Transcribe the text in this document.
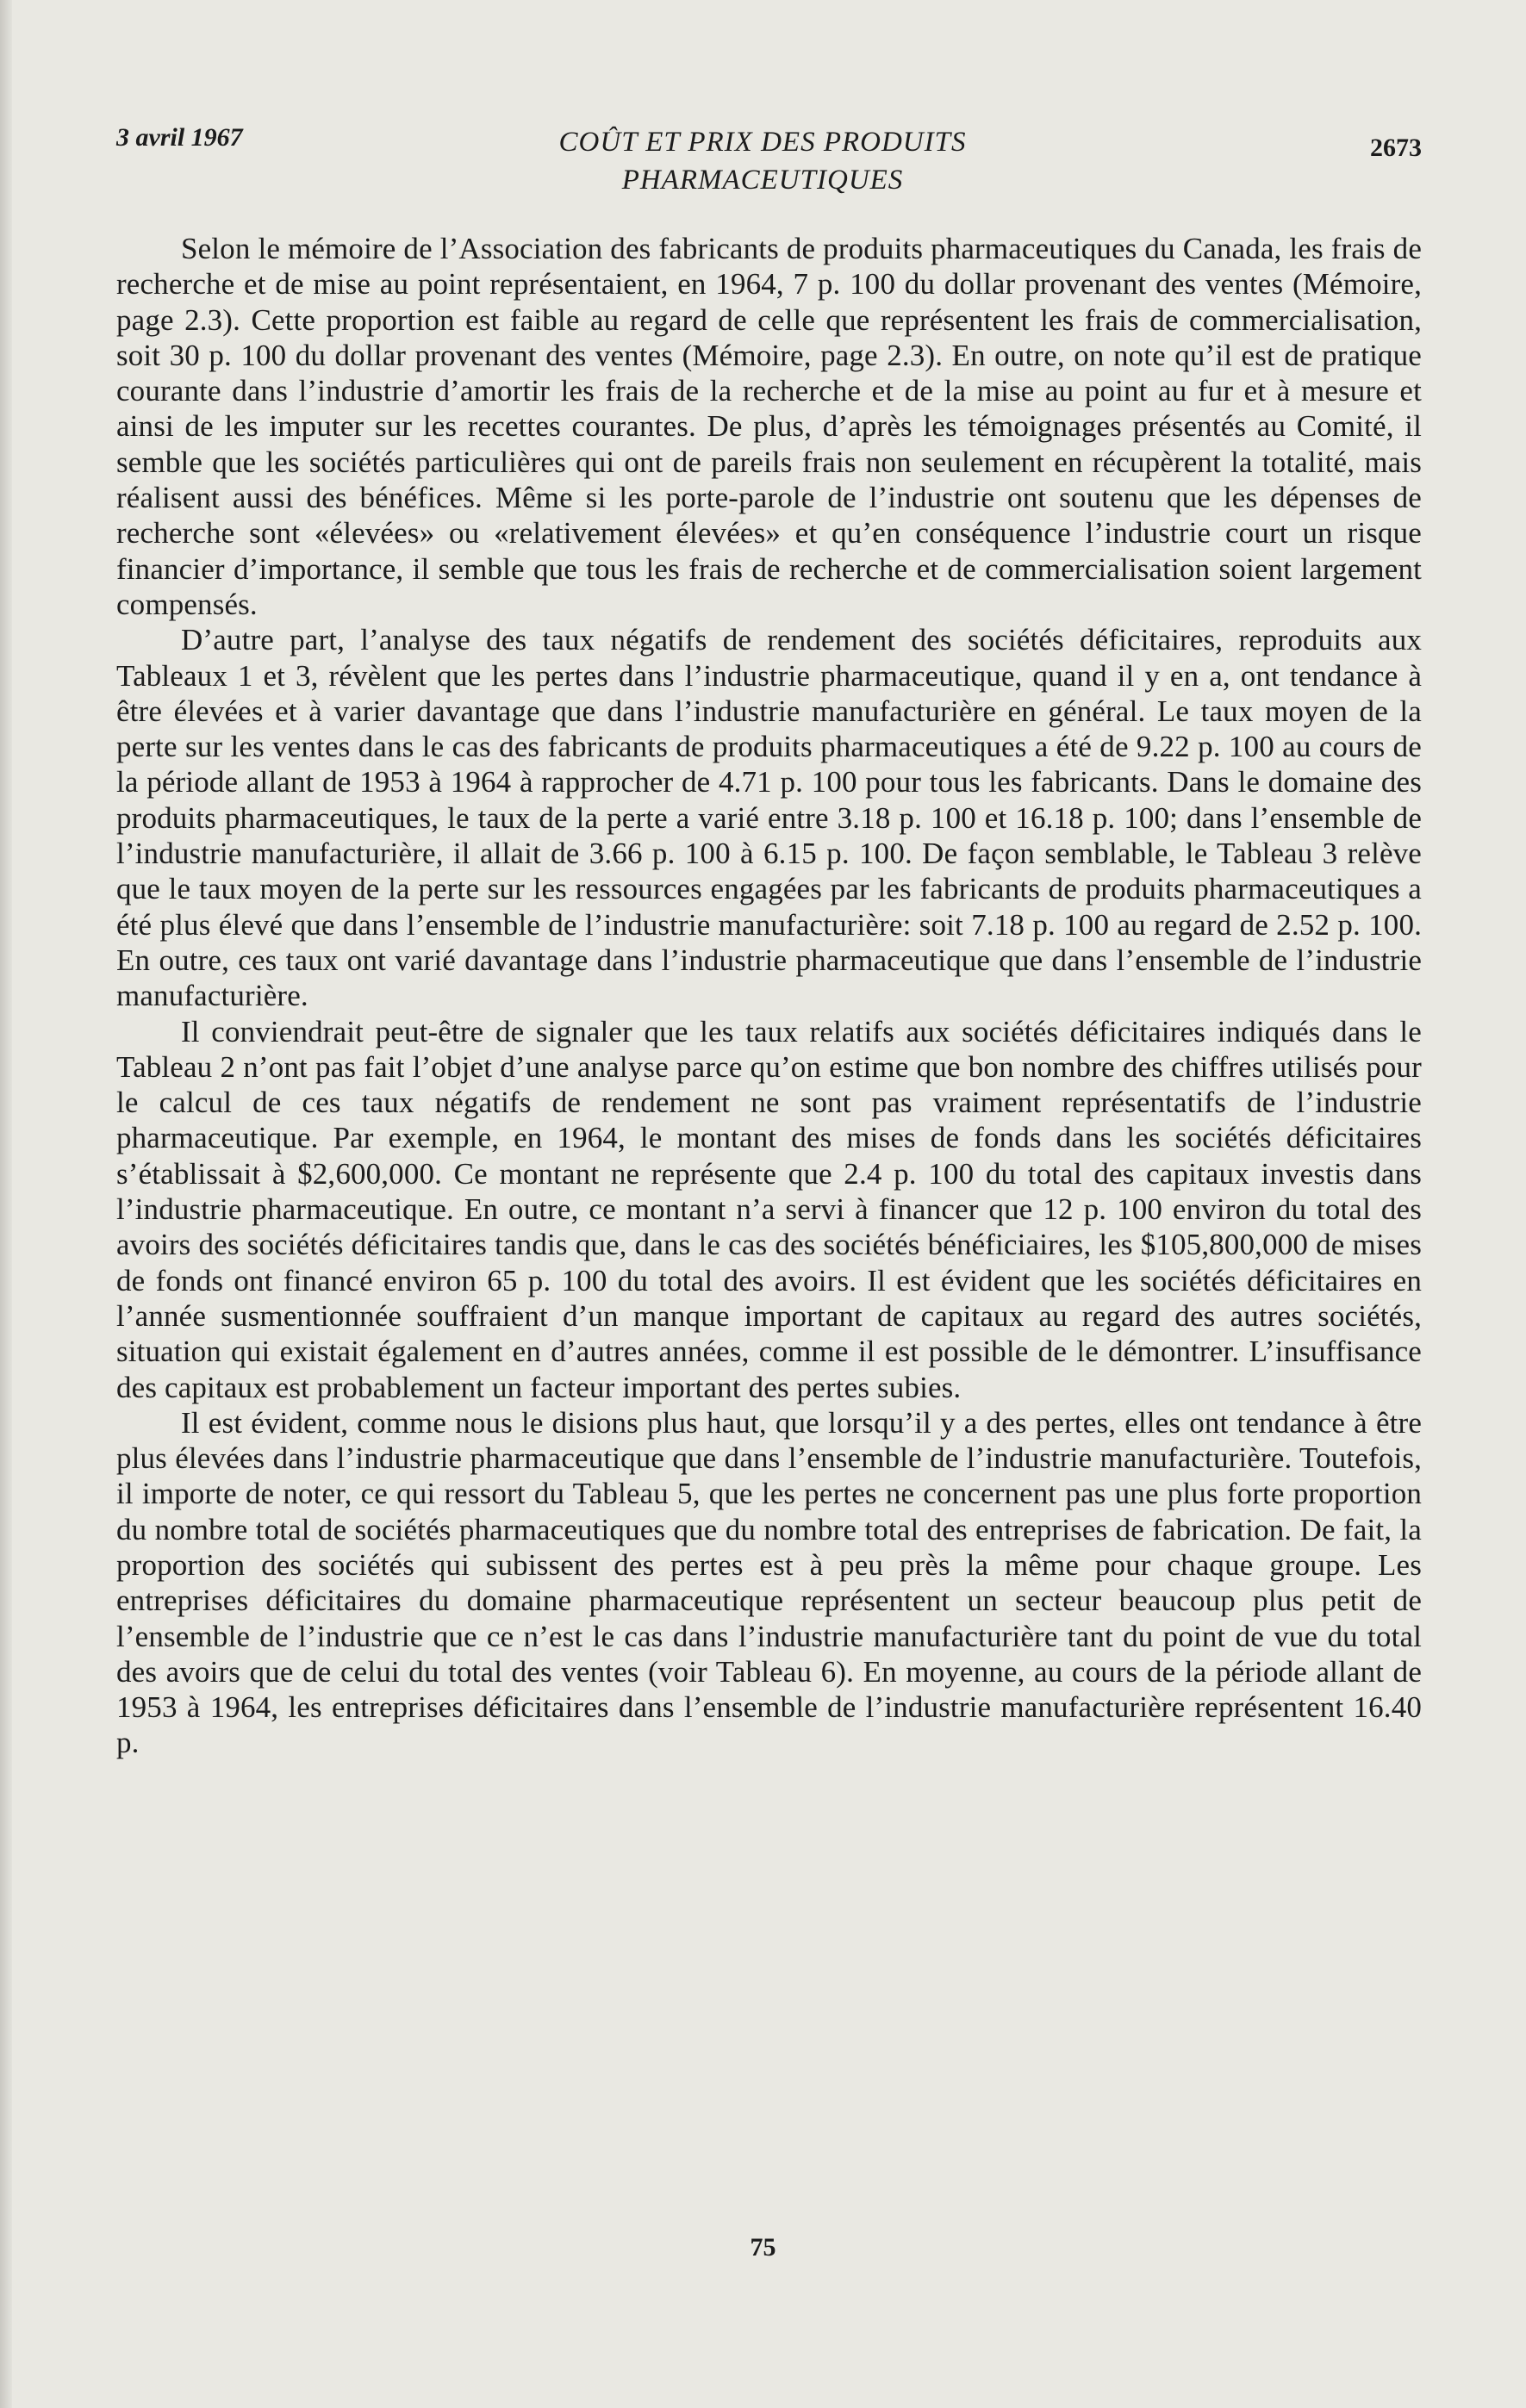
3 avril 1967	COÛT ET PRIX DES PRODUITS
PHARMACEUTIQUES
2673

Selon le mémoire de l’Association des fabricants de produits pharmaceutiques du Canada, les frais de recherche et de mise au point représentaient, en 1964, 7 p. 100 du dollar provenant des ventes (Mémoire, page 2.3). Cette proportion est faible au regard de celle que représentent les frais de commercialisation, soit 30 p. 100 du dollar provenant des ventes (Mémoire, page 2.3). En outre, on note qu’il est de pratique courante dans l’industrie d’amortir les frais de la recherche et de la mise au point au fur et à mesure et ainsi de les imputer sur les recettes courantes. De plus, d’après les témoignages présentés au Comité, il semble que les sociétés particulières qui ont de pareils frais non seulement en récupèrent la totalité, mais réalisent aussi des bénéfices. Même si les porte-parole de l’industrie ont soutenu que les dépenses de recherche sont «élevées» ou «relativement élevées» et qu’en conséquence l’industrie court un risque financier d’importance, il semble que tous les frais de recherche et de commercialisation soient largement compensés.

D’autre part, l’analyse des taux négatifs de rendement des sociétés déficitaires, reproduits aux Tableaux 1 et 3, révèlent que les pertes dans l’industrie pharmaceutique, quand il y en a, ont tendance à être élevées et à varier davantage que dans l’industrie manufacturière en général. Le taux moyen de la perte sur les ventes dans le cas des fabricants de produits pharmaceutiques a été de 9.22 p. 100 au cours de la période allant de 1953 à 1964 à rapprocher de 4.71 p. 100 pour tous les fabricants. Dans le domaine des produits pharmaceutiques, le taux de la perte a varié entre 3.18 p. 100 et 16.18 p. 100; dans l’ensemble de l’industrie manufacturière, il allait de 3.66 p. 100 à 6.15 p. 100. De façon semblable, le Tableau 3 relève que le taux moyen de la perte sur les ressources engagées par les fabricants de produits pharmaceutiques a été plus élevé que dans l’ensemble de l’industrie manufacturière: soit 7.18 p. 100 au regard de 2.52 p. 100. En outre, ces taux ont varié davantage dans l’industrie pharmaceutique que dans l’ensemble de l’industrie manufacturière.

Il conviendrait peut-être de signaler que les taux relatifs aux sociétés déficitaires indiqués dans le Tableau 2 n’ont pas fait l’objet d’une analyse parce qu’on estime que bon nombre des chiffres utilisés pour le calcul de ces taux négatifs de rendement ne sont pas vraiment représentatifs de l’industrie pharmaceutique. Par exemple, en 1964, le montant des mises de fonds dans les sociétés déficitaires s’établissait à $2,600,000. Ce montant ne représente que 2.4 p. 100 du total des capitaux investis dans l’industrie pharmaceutique. En outre, ce montant n’a servi à financer que 12 p. 100 environ du total des avoirs des sociétés déficitaires tandis que, dans le cas des sociétés bénéficiaires, les $105,800,000 de mises de fonds ont financé environ 65 p. 100 du total des avoirs. Il est évident que les sociétés déficitaires en l’année susmentionnée souffraient d’un manque important de capitaux au regard des autres sociétés, situation qui existait également en d’autres années, comme il est possible de le démontrer. L’insuffisance des capitaux est probablement un facteur important des pertes subies.

Il est évident, comme nous le disions plus haut, que lorsqu’il y a des pertes, elles ont tendance à être plus élevées dans l’industrie pharmaceutique que dans l’ensemble de l’industrie manufacturière. Toutefois, il importe de noter, ce qui ressort du Tableau 5, que les pertes ne concernent pas une plus forte proportion du nombre total de sociétés pharmaceutiques que du nombre total des entreprises de fabrication. De fait, la proportion des sociétés qui subissent des pertes est à peu près la même pour chaque groupe. Les entreprises déficitaires du domaine pharmaceutique représentent un secteur beaucoup plus petit de l’ensemble de l’industrie que ce n’est le cas dans l’industrie manufacturière tant du point de vue du total des avoirs que de celui du total des ventes (voir Tableau 6). En moyenne, au cours de la période allant de 1953 à 1964, les entreprises déficitaires dans l’ensemble de l’industrie manufacturière représentent 16.40 p.

75
